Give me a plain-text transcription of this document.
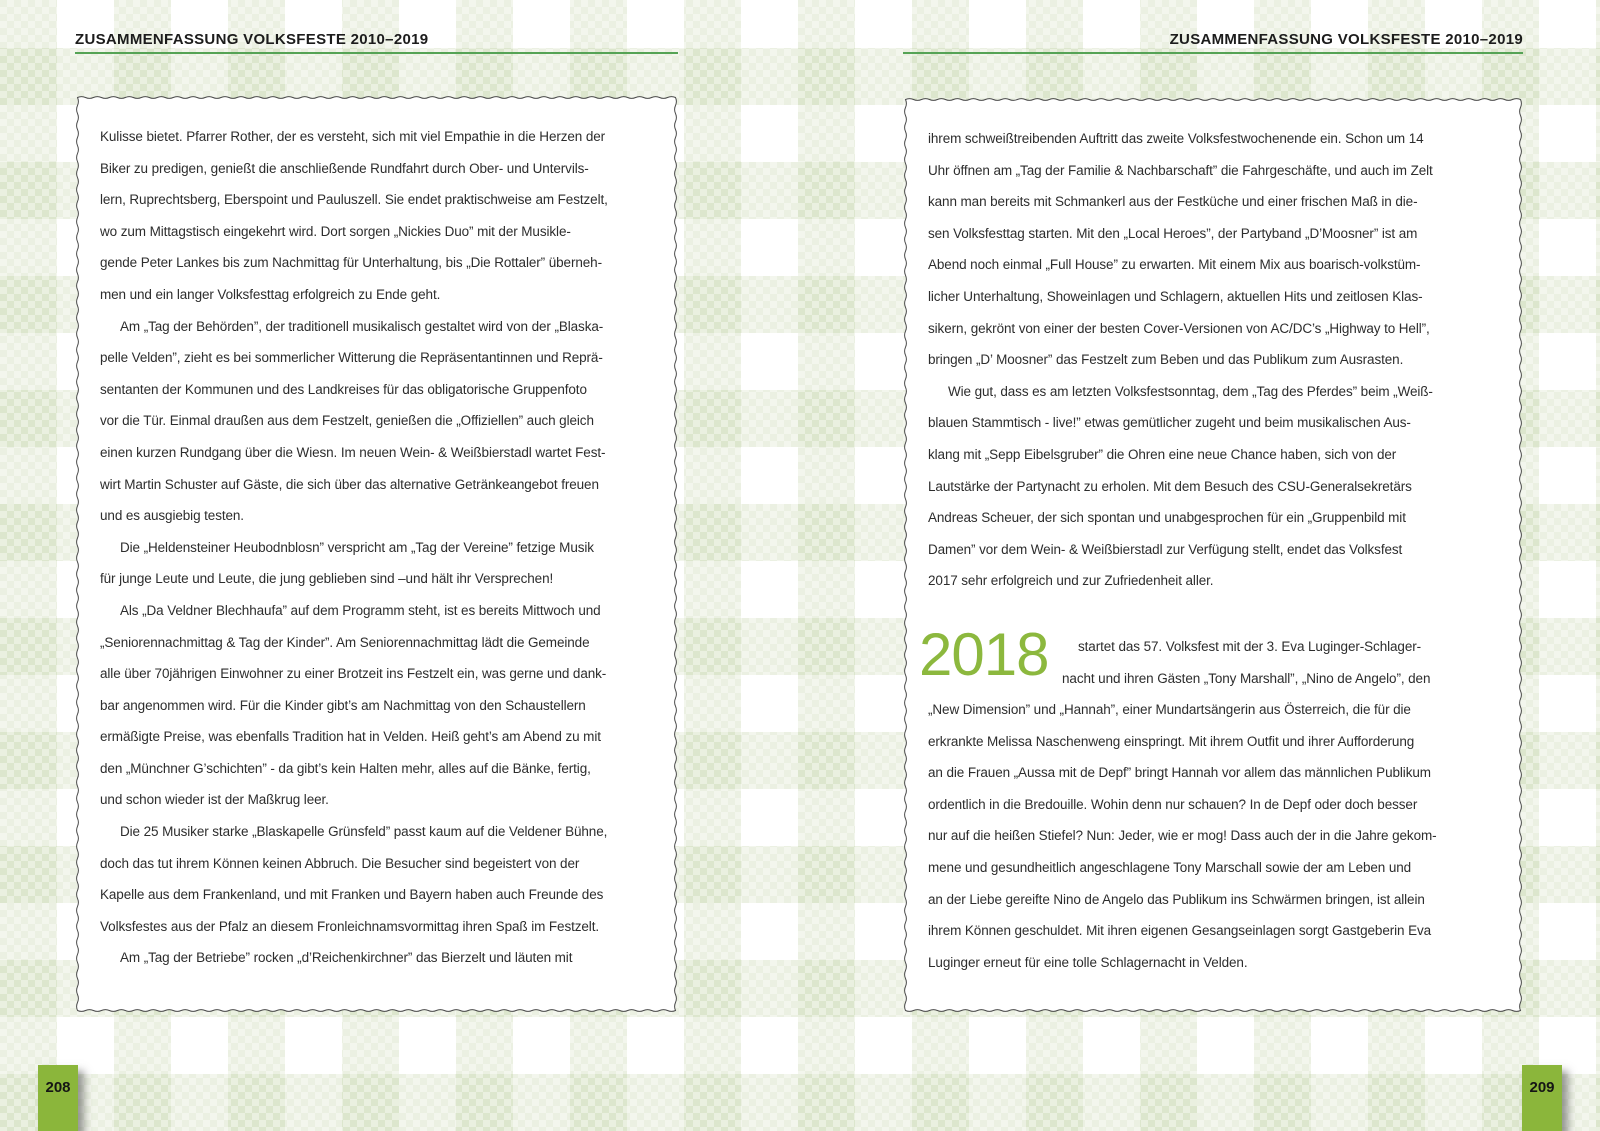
ZUSAMMENFASSUNG VOLKSFESTE 2010–2019	ZUSAMMENFASSUNG VOLKSFESTE 2010–2019
Kulisse bietet. Pfarrer Rother, der es versteht, sich mit viel Empathie in die Herzen der
Biker zu predigen, genießt die anschließende Rundfahrt durch Ober- und Untervils-
lern, Ruprechtsberg, Eberspoint und Pauluszell. Sie endet praktischweise am Festzelt,
wo zum Mittagstisch eingekehrt wird. Dort sorgen „Nickies Duo” mit der Musikle-
gende Peter Lankes bis zum Nachmittag für Unterhaltung, bis „Die Rottaler” überneh-
men und ein langer Volksfesttag erfolgreich zu Ende geht.
Am „Tag der Behörden”, der traditionell musikalisch gestaltet wird von der „Blaska-
pelle Velden”, zieht es bei sommerlicher Witterung die Repräsentantinnen und Reprä-
sentanten der Kommunen und des Landkreises für das obligatorische Gruppenfoto
vor die Tür. Einmal draußen aus dem Festzelt, genießen die „Offiziellen” auch gleich
einen kurzen Rundgang über die Wiesn. Im neuen Wein- & Weißbierstadl wartet Fest-
wirt Martin Schuster auf Gäste, die sich über das alternative Getränkeangebot freuen
und es ausgiebig testen.
Die „Heldensteiner Heubodnblosn” verspricht am „Tag der Vereine” fetzige Musik
für junge Leute und Leute, die jung geblieben sind –und hält ihr Versprechen!
Als „Da Veldner Blechhaufa” auf dem Programm steht, ist es bereits Mittwoch und
„Seniorennachmittag & Tag der Kinder”. Am Seniorennachmittag lädt die Gemeinde
alle über 70jährigen Einwohner zu einer Brotzeit ins Festzelt ein, was gerne und dank-
bar angenommen wird. Für die Kinder gibt’s am Nachmittag von den Schaustellern
ermäßigte Preise, was ebenfalls Tradition hat in Velden. Heiß geht’s am Abend zu mit
den „Münchner G’schichten” - da gibt’s kein Halten mehr, alles auf die Bänke, fertig,
und schon wieder ist der Maßkrug leer.
Die 25 Musiker starke „Blaskapelle Grünsfeld” passt kaum auf die Veldener Bühne,
doch das tut ihrem Können keinen Abbruch. Die Besucher sind begeistert von der
Kapelle aus dem Frankenland, und mit Franken und Bayern haben auch Freunde des
Volksfestes aus der Pfalz an diesem Fronleichnamsvormittag ihren Spaß im Festzelt.
Am „Tag der Betriebe” rocken „d’Reichenkirchner” das Bierzelt und läuten mit
2018
ihrem schweißtreibenden Auftritt das zweite Volksfestwochenende ein. Schon um 14
Uhr öffnen am „Tag der Familie & Nachbarschaft” die Fahrgeschäfte, und auch im Zelt
kann man bereits mit Schmankerl aus der Festküche und einer frischen Maß in die-
sen Volksfesttag starten. Mit den „Local Heroes”, der Partyband „D’Moosner” ist am
Abend noch einmal „Full House” zu erwarten. Mit einem Mix aus boarisch-volkstüm-
licher Unterhaltung, Showeinlagen und Schlagern, aktuellen Hits und zeitlosen Klas-
sikern, gekrönt von einer der besten Cover-Versionen von AC/DC’s „Highway to Hell”,
bringen „D’ Moosner” das Festzelt zum Beben und das Publikum zum Ausrasten.
Wie gut, dass es am letzten Volksfestsonntag, dem „Tag des Pferdes” beim „Weiß-
blauen Stammtisch - live!” etwas gemütlicher zugeht und beim musikalischen Aus-
klang mit „Sepp Eibelsgruber” die Ohren eine neue Chance haben, sich von der
Lautstärke der Partynacht zu erholen. Mit dem Besuch des CSU-Generalsekretärs
Andreas Scheuer, der sich spontan und unabgesprochen für ein „Gruppenbild mit
Damen” vor dem Wein- & Weißbierstadl zur Verfügung stellt, endet das Volksfest
2017 sehr erfolgreich und zur Zufriedenheit aller.
startet das 57. Volksfest mit der 3. Eva Luginger-Schlager-
nacht und ihren Gästen „Tony Marshall”, „Nino de Angelo”, den
„New Dimension” und „Hannah”, einer Mundartsängerin aus Österreich, die für die
erkrankte Melissa Naschenweng einspringt. Mit ihrem Outfit und ihrer Aufforderung
an die Frauen „Aussa mit de Depf” bringt Hannah vor allem das männlichen Publikum
ordentlich in die Bredouille. Wohin denn nur schauen? In de Depf oder doch besser
nur auf die heißen Stiefel? Nun: Jeder, wie er mog! Dass auch der in die Jahre gekom-
mene und gesundheitlich angeschlagene Tony Marschall sowie der am Leben und
an der Liebe gereifte Nino de Angelo das Publikum ins Schwärmen bringen, ist allein
ihrem Können geschuldet. Mit ihren eigenen Gesangseinlagen sorgt Gastgeberin Eva
Luginger erneut für eine tolle Schlagernacht in Velden.
208	209
